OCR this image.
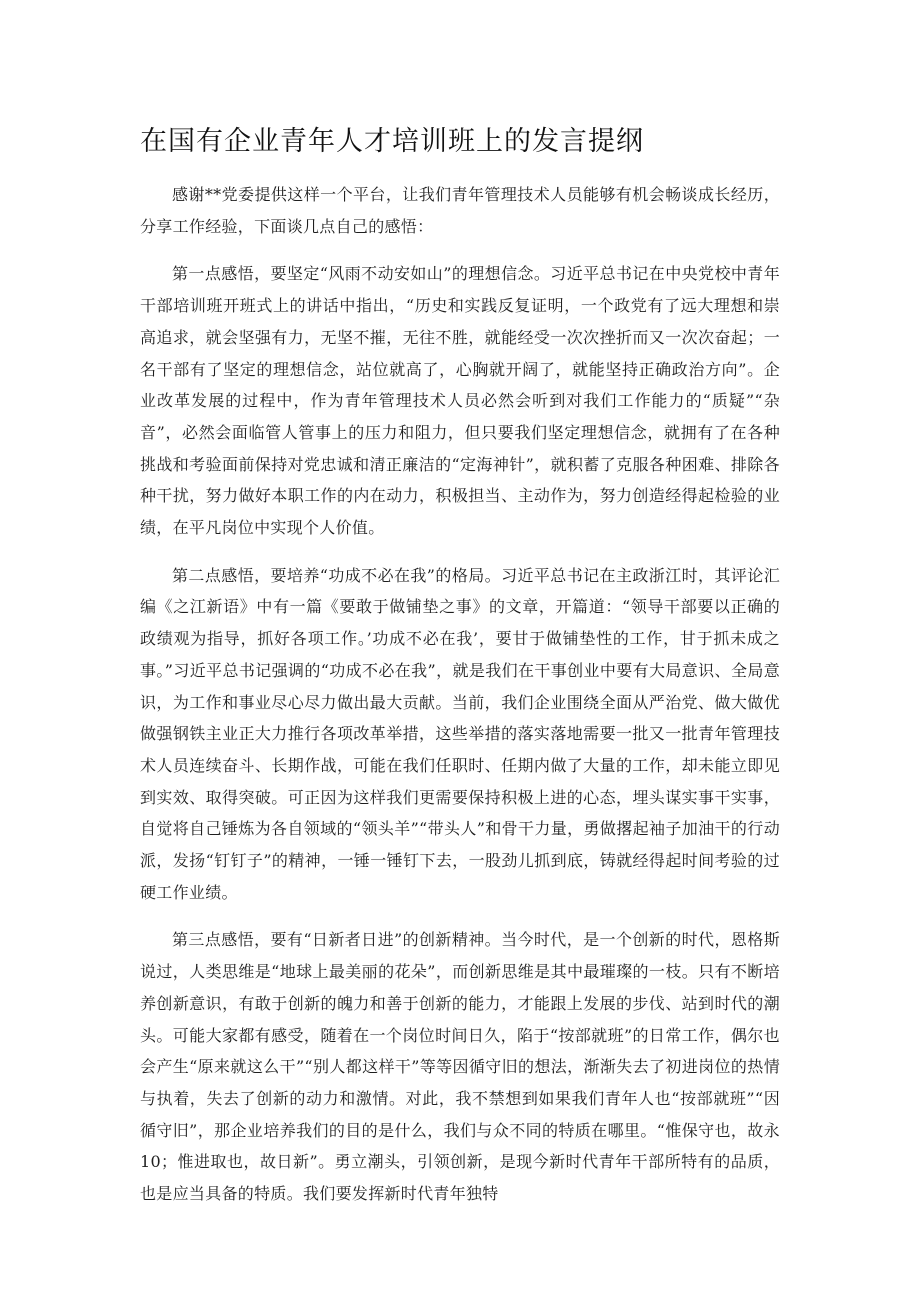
在国有企业青年人才培训班上的发言提纲

感谢**党委提供这样一个平台，让我们青年管理技术人员能够有机会畅谈成长经历，分享工作经验，下面谈几点自己的感悟：

第一点感悟，要坚定“风雨不动安如山”的理想信念。习近平总书记在中央党校中青年干部培训班开班式上的讲话中指出，“历史和实践反复证明，一个政党有了远大理想和崇高追求，就会坚强有力，无坚不摧，无往不胜，就能经受一次次挫折而又一次次奋起；一名干部有了坚定的理想信念，站位就高了，心胸就开阔了，就能坚持正确政治方向”。企业改革发展的过程中，作为青年管理技术人员必然会听到对我们工作能力的“质疑”“杂音”，必然会面临管人管事上的压力和阻力，但只要我们坚定理想信念，就拥有了在各种挑战和考验面前保持对党忠诚和清正廉洁的“定海神针”，就积蓄了克服各种困难、排除各种干扰，努力做好本职工作的内在动力，积极担当、主动作为，努力创造经得起检验的业绩，在平凡岗位中实现个人价值。

第二点感悟，要培养“功成不必在我”的格局。习近平总书记在主政浙江时，其评论汇编《之江新语》中有一篇《要敢于做铺垫之事》的文章，开篇道：“领导干部要以正确的政绩观为指导，抓好各项工作。’功成不必在我’，要甘于做铺垫性的工作，甘于抓未成之事。”习近平总书记强调的“功成不必在我”，就是我们在干事创业中要有大局意识、全局意识，为工作和事业尽心尽力做出最大贡献。当前，我们企业围绕全面从严治党、做大做优做强钢铁主业正大力推行各项改革举措，这些举措的落实落地需要一批又一批青年管理技术人员连续奋斗、长期作战，可能在我们任职时、任期内做了大量的工作，却未能立即见到实效、取得突破。可正因为这样我们更需要保持积极上进的心态，埋头谋实事干实事，自觉将自己锤炼为各自领域的“领头羊”“带头人”和骨干力量，勇做撂起袖子加油干的行动派，发扬“钉钉子”的精神，一锤一锤钉下去，一股劲儿抓到底，铸就经得起时间考验的过硬工作业绩。

第三点感悟，要有“日新者日进”的创新精神。当今时代，是一个创新的时代，恩格斯说过，人类思维是“地球上最美丽的花朵”，而创新思维是其中最璀璨的一枝。只有不断培养创新意识，有敢于创新的魄力和善于创新的能力，才能跟上发展的步伐、站到时代的潮头。可能大家都有感受，随着在一个岗位时间日久，陷于“按部就班”的日常工作，偶尔也会产生“原来就这么干”“别人都这样干”等等因循守旧的想法，渐渐失去了初进岗位的热情与执着，失去了创新的动力和激情。对此，我不禁想到如果我们青年人也“按部就班”“因循守旧”，那企业培养我们的目的是什么，我们与众不同的特质在哪里。“惟保守也，故永10；惟进取也，故日新”。勇立潮头，引领创新，是现今新时代青年干部所特有的品质，也是应当具备的特质。我们要发挥新时代青年独特
